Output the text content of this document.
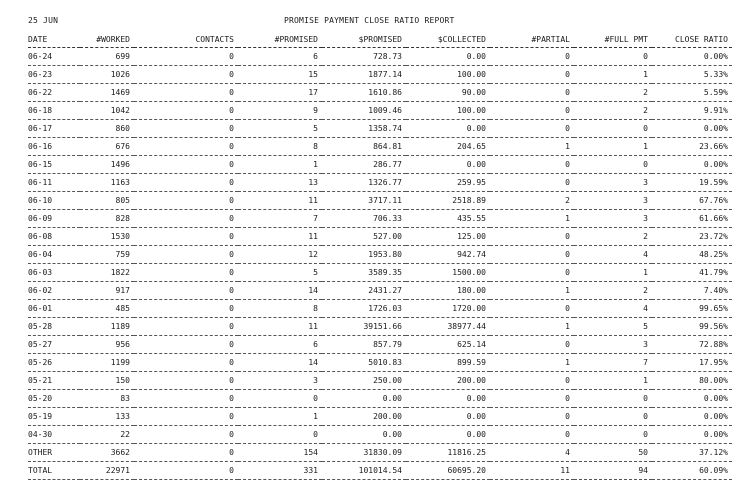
25 JUN	PROMISE PAYMENT CLOSE RATIO REPORT
DATE	#WORKED	CONTACTS	#PROMISED	$PROMISED	$COLLECTED	#PARTIAL	#FULL PMT	CLOSE RATIO
06-24	699	0	6	728.73	0.00	0	0	0.00%
06-23	1026	0	15	1877.14	100.00	0	1	5.33%
06-22	1469	0	17	1610.86	90.00	0	2	5.59%
06-18	1042	0	9	1009.46	100.00	0	2	9.91%
06-17	860	0	5	1358.74	0.00	0	0	0.00%
06-16	676	0	8	864.81	204.65	1	1	23.66%
06-15	1496	0	1	286.77	0.00	0	0	0.00%
06-11	1163	0	13	1326.77	259.95	0	3	19.59%
06-10	805	0	11	3717.11	2518.89	2	3	67.76%
06-09	828	0	7	706.33	435.55	1	3	61.66%
06-08	1530	0	11	527.00	125.00	0	2	23.72%
06-04	759	0	12	1953.80	942.74	0	4	48.25%
06-03	1822	0	5	3589.35	1500.00	0	1	41.79%
06-02	917	0	14	2431.27	180.00	1	2	7.40%
06-01	485	0	8	1726.03	1720.00	0	4	99.65%
05-28	1189	0	11	39151.66	38977.44	1	5	99.56%
05-27	956	0	6	857.79	625.14	0	3	72.88%
05-26	1199	0	14	5010.83	899.59	1	7	17.95%
05-21	150	0	3	250.00	200.00	0	1	80.00%
05-20	83	0	0	0.00	0.00	0	0	0.00%
05-19	133	0	1	200.00	0.00	0	0	0.00%
04-30	22	0	0	0.00	0.00	0	0	0.00%
OTHER	3662	0	154	31830.09	11816.25	4	50	37.12%
TOTAL	22971	0	331	101014.54	60695.20	11	94	60.09%
